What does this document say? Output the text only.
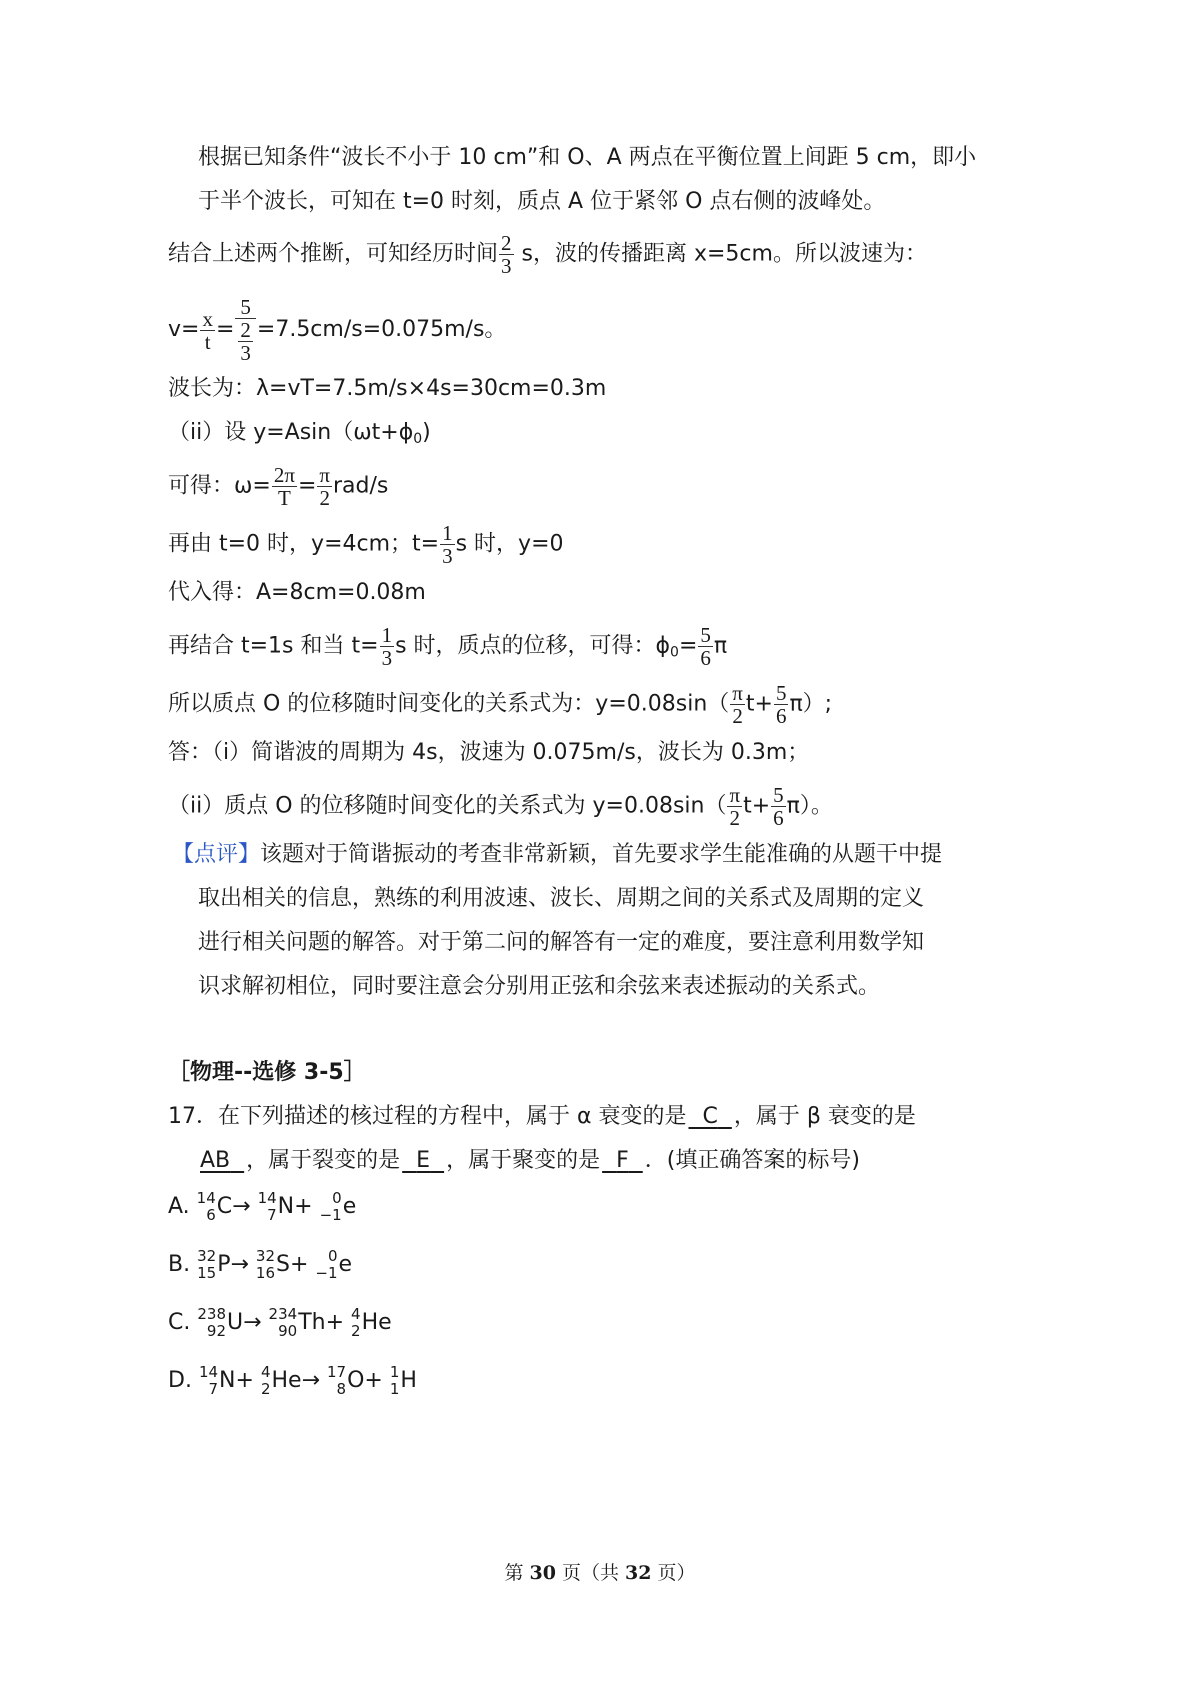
根据已知条件“波长不小于 10 cm”和 O、A 两点在平衡位置上间距 5 cm，即小
于半个波长，可知在 t=0 时刻，质点 A 位于紧邻 O 点右侧的波峰处。
结合上述两个推断，可知经历时间 $\frac{2}{3}$ s，波的传播距离 x=5cm。所以波速为：
$v= \frac{x}{t} = \frac{5}{\frac{2}{3}} =7.5cm/s=0.075m/s$。
波长为：λ=vT=7.5m/s×4s=30cm=0.3m
（ii）设 $y=Asin(\omega t+\phi_0)$
可得：$\omega= \frac{2\pi}{T} = \frac{\pi}{2} rad/s$
再由 t=0 时，y=4cm；$t= \frac{1}{3}$ s 时，y=0
代入得：A=8cm=0.08m
再结合 t=1s 和当 $t= \frac{1}{3}$ s 时，质点的位移，可得：$\phi_0= \frac{5}{6}$ π
所以质点 O 的位移随时间变化的关系式为：$y=0.08\sin( \frac{\pi}{2} t+ \frac{5}{6} \pi)$;
答：（i）简谐波的周期为 4s，波速为 0.075m/s，波长为 0.3m；
（ii）质点 O 的位移随时间变化的关系式为 $y=0.08\sin( \frac{\pi}{2} t+ \frac{5}{6} \pi)$。
【点评】该题对于简谐振动的考查非常新颖，首先要求学生能准确的从题干中提
取出相关的信息，熟练的利用波速、波长、周期之间的关系式及周期的定义
进行相关问题的解答。对于第二问的解答有一定的难度，要注意利用数学知
识求解初相位，同时要注意会分别用正弦和余弦来表述振动的关系式。
［物理--选修 3-5］
17．在下列描述的核过程的方程中，属于 α 衰变的是 C ，属于 β 衰变的是
AB ，属于裂变的是 E ，属于聚变的是 F ．(填正确答案的标号)
A. 14
6 C→ 14
7 N+	0
−1 e
B. 32
15 P→ 32
16 S+	0
−1 e
C. 238
92 U→ 234
90 Th+ 4
2 He
D. 14
7 N+ 4
2 He→ 17
8 O+ 1
1 H
第 30 页（共 32 页）
